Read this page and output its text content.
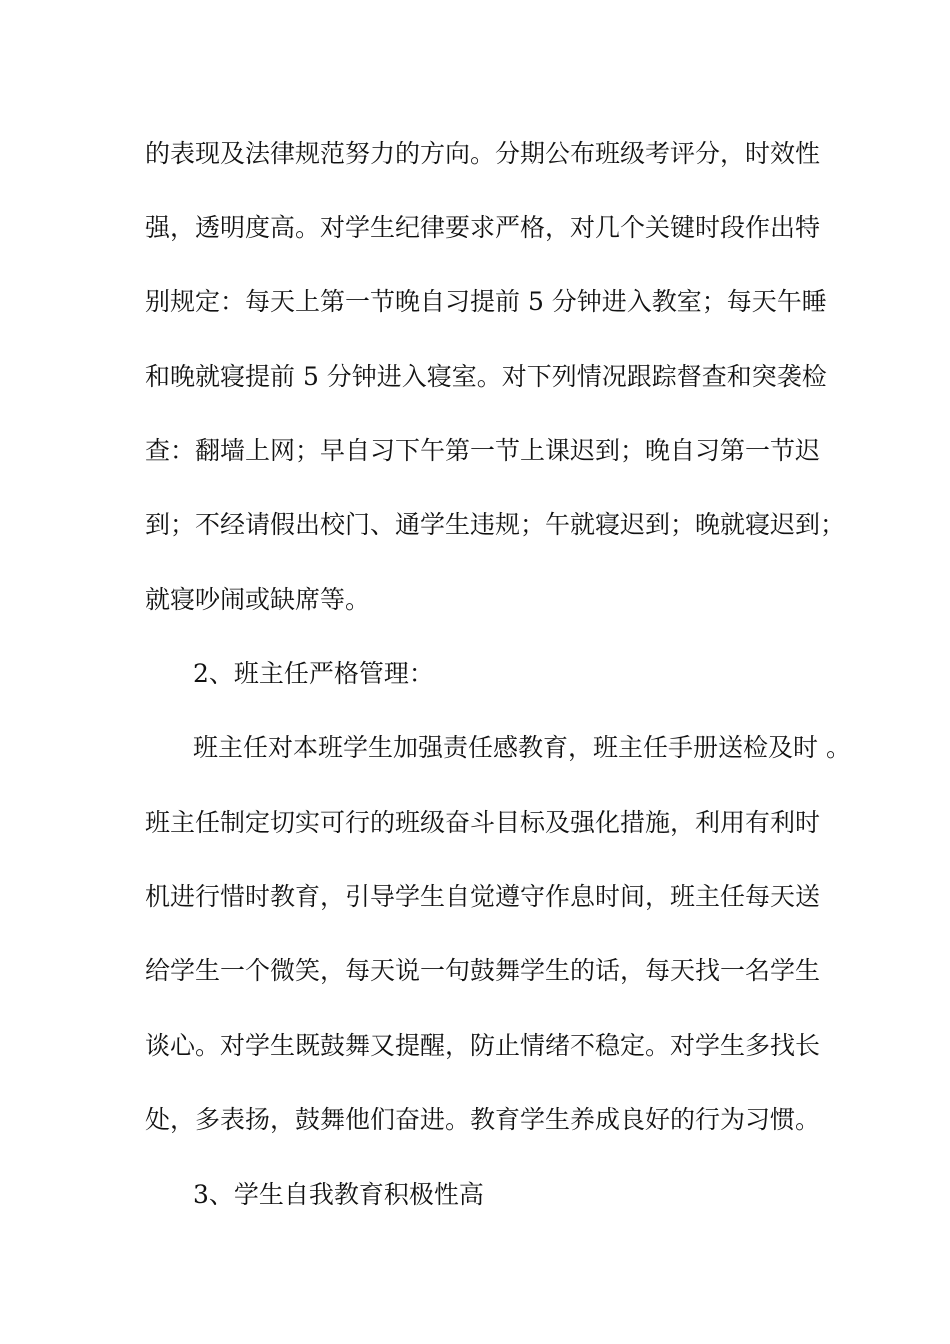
的表现及法律规范努力的方向。分期公布班级考评分，时效性
强，透明度高。对学生纪律要求严格，对几个关键时段作出特
别规定：每天上第一节晚自习提前 5 分钟进入教室；每天午睡
和晚就寝提前 5 分钟进入寝室。对下列情况跟踪督查和突袭检
查：翻墙上网；早自习下午第一节上课迟到；晚自习第一节迟
到；不经请假出校门、通学生违规；午就寝迟到；晚就寝迟到；
就寝吵闹或缺席等。
2、班主任严格管理：
班主任对本班学生加强责任感教育，班主任手册送检及时 。
班主任制定切实可行的班级奋斗目标及强化措施，利用有利时
机进行惜时教育，引导学生自觉遵守作息时间，班主任每天送
给学生一个微笑，每天说一句鼓舞学生的话，每天找一名学生
谈心。对学生既鼓舞又提醒，防止情绪不稳定。对学生多找长
处，多表扬，鼓舞他们奋进。教育学生养成良好的行为习惯。
3、学生自我教育积极性高
